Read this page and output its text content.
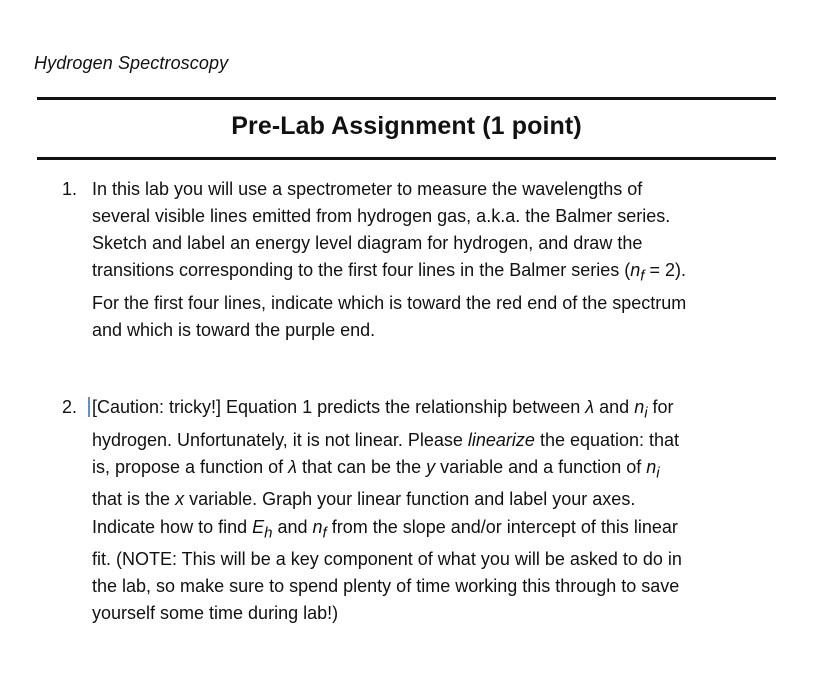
Hydrogen Spectroscopy
Pre-Lab Assignment (1 point)
1. In this lab you will use a spectrometer to measure the wavelengths of
several visible lines emitted from hydrogen gas, a.k.a. the Balmer series.
Sketch and label an energy level diagram for hydrogen, and draw the
transitions corresponding to the first four lines in the Balmer series $(n_f = 2)$.
For the first four lines, indicate which is toward the red end of the spectrum
and which is toward the purple end.
2. [Caution: tricky!] Equation 1 predicts the relationship between λ and $n_i$ for
hydrogen. Unfortunately, it is not linear. Please linearize the equation: that
is, propose a function of λ that can be the y variable and a function of $n_i$
that is the x variable. Graph your linear function and label your axes.
Indicate how to find $E_h$ and $n_f$ from the slope and/or intercept of this linear
fit. (NOTE: This will be a key component of what you will be asked to do in
the lab, so make sure to spend plenty of time working this through to save
yourself some time during lab!)
